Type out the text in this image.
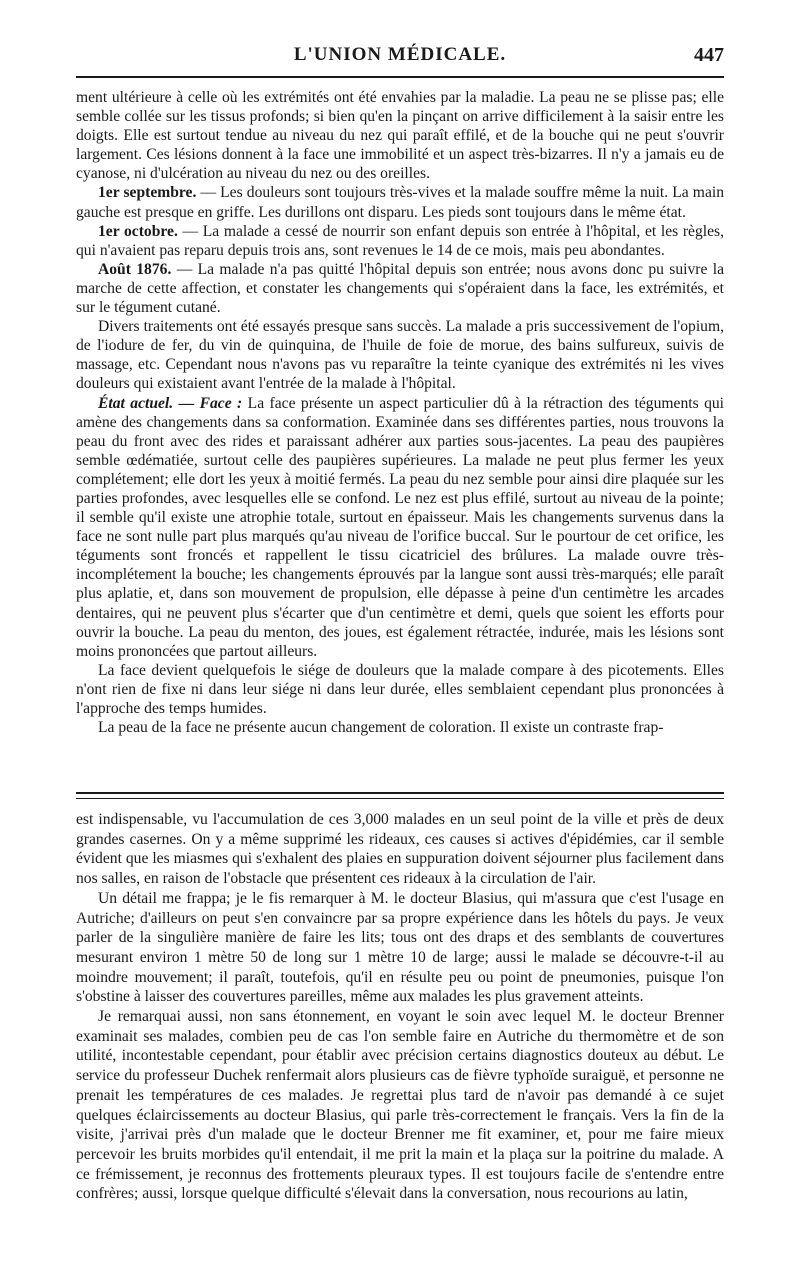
L'UNION MÉDICALE.	447

ment ultérieure à celle où les extrémités ont été envahies par la maladie. La peau ne se plisse pas; elle semble collée sur les tissus profonds; si bien qu'en la pinçant on arrive difficilement à la saisir entre les doigts. Elle est surtout tendue au niveau du nez qui paraît effilé, et de la bouche qui ne peut s'ouvrir largement. Ces lésions donnent à la face une immobilité et un aspect très-bizarres. Il n'y a jamais eu de cyanose, ni d'ulcération au niveau du nez ou des oreilles.

1er septembre. — Les douleurs sont toujours très-vives et la malade souffre même la nuit. La main gauche est presque en griffe. Les durillons ont disparu. Les pieds sont toujours dans le même état.

1er octobre. — La malade a cessé de nourrir son enfant depuis son entrée à l'hôpital, et les règles, qui n'avaient pas reparu depuis trois ans, sont revenues le 14 de ce mois, mais peu abondantes.

Août 1876. — La malade n'a pas quitté l'hôpital depuis son entrée; nous avons donc pu suivre la marche de cette affection, et constater les changements qui s'opéraient dans la face, les extrémités, et sur le tégument cutané.

Divers traitements ont été essayés presque sans succès. La malade a pris successivement de l'opium, de l'iodure de fer, du vin de quinquina, de l'huile de foie de morue, des bains sulfureux, suivis de massage, etc. Cependant nous n'avons pas vu reparaître la teinte cyanique des extrémités ni les vives douleurs qui existaient avant l'entrée de la malade à l'hôpital.

État actuel. — Face : La face présente un aspect particulier dû à la rétraction des téguments qui amène des changements dans sa conformation. Examinée dans ses différentes parties, nous trouvons la peau du front avec des rides et paraissant adhérer aux parties sous-jacentes. La peau des paupières semble œdématiée, surtout celle des paupières supérieures. La malade ne peut plus fermer les yeux complétement; elle dort les yeux à moitié fermés. La peau du nez semble pour ainsi dire plaquée sur les parties profondes, avec lesquelles elle se confond. Le nez est plus effilé, surtout au niveau de la pointe; il semble qu'il existe une atrophie totale, surtout en épaisseur. Mais les changements survenus dans la face ne sont nulle part plus marqués qu'au niveau de l'orifice buccal. Sur le pourtour de cet orifice, les téguments sont froncés et rappellent le tissu cicatriciel des brûlures. La malade ouvre très-incomplétement la bouche; les changements éprouvés par la langue sont aussi très-marqués; elle paraît plus aplatie, et, dans son mouvement de propulsion, elle dépasse à peine d'un centimètre les arcades dentaires, qui ne peuvent plus s'écarter que d'un centimètre et demi, quels que soient les efforts pour ouvrir la bouche. La peau du menton, des joues, est également rétractée, indurée, mais les lésions sont moins prononcées que partout ailleurs.

La face devient quelquefois le siége de douleurs que la malade compare à des picotements. Elles n'ont rien de fixe ni dans leur siége ni dans leur durée, elles semblaient cependant plus prononcées à l'approche des temps humides.

La peau de la face ne présente aucun changement de coloration. Il existe un contraste frap-

est indispensable, vu l'accumulation de ces 3,000 malades en un seul point de la ville et près de deux grandes casernes. On y a même supprimé les rideaux, ces causes si actives d'épidémies, car il semble évident que les miasmes qui s'exhalent des plaies en suppuration doivent séjourner plus facilement dans nos salles, en raison de l'obstacle que présentent ces rideaux à la circulation de l'air.

Un détail me frappa; je le fis remarquer à M. le docteur Blasius, qui m'assura que c'est l'usage en Autriche; d'ailleurs on peut s'en convaincre par sa propre expérience dans les hôtels du pays. Je veux parler de la singulière manière de faire les lits; tous ont des draps et des semblants de couvertures mesurant environ 1 mètre 50 de long sur 1 mètre 10 de large; aussi le malade se découvre-t-il au moindre mouvement; il paraît, toutefois, qu'il en résulte peu ou point de pneumonies, puisque l'on s'obstine à laisser des couvertures pareilles, même aux malades les plus gravement atteints.

Je remarquai aussi, non sans étonnement, en voyant le soin avec lequel M. le docteur Brenner examinait ses malades, combien peu de cas l'on semble faire en Autriche du thermomètre et de son utilité, incontestable cependant, pour établir avec précision certains diagnostics douteux au début. Le service du professeur Duchek renfermait alors plusieurs cas de fièvre typhoïde suraiguë, et personne ne prenait les températures de ces malades. Je regrettai plus tard de n'avoir pas demandé à ce sujet quelques éclaircissements au docteur Blasius, qui parle très-correctement le français. Vers la fin de la visite, j'arrivai près d'un malade que le docteur Brenner me fit examiner, et, pour me faire mieux percevoir les bruits morbides qu'il entendait, il me prit la main et la plaça sur la poitrine du malade. A ce frémissement, je reconnus des frottements pleuraux types. Il est toujours facile de s'entendre entre confrères; aussi, lorsque quelque difficulté s'élevait dans la conversation, nous recourions au latin,
